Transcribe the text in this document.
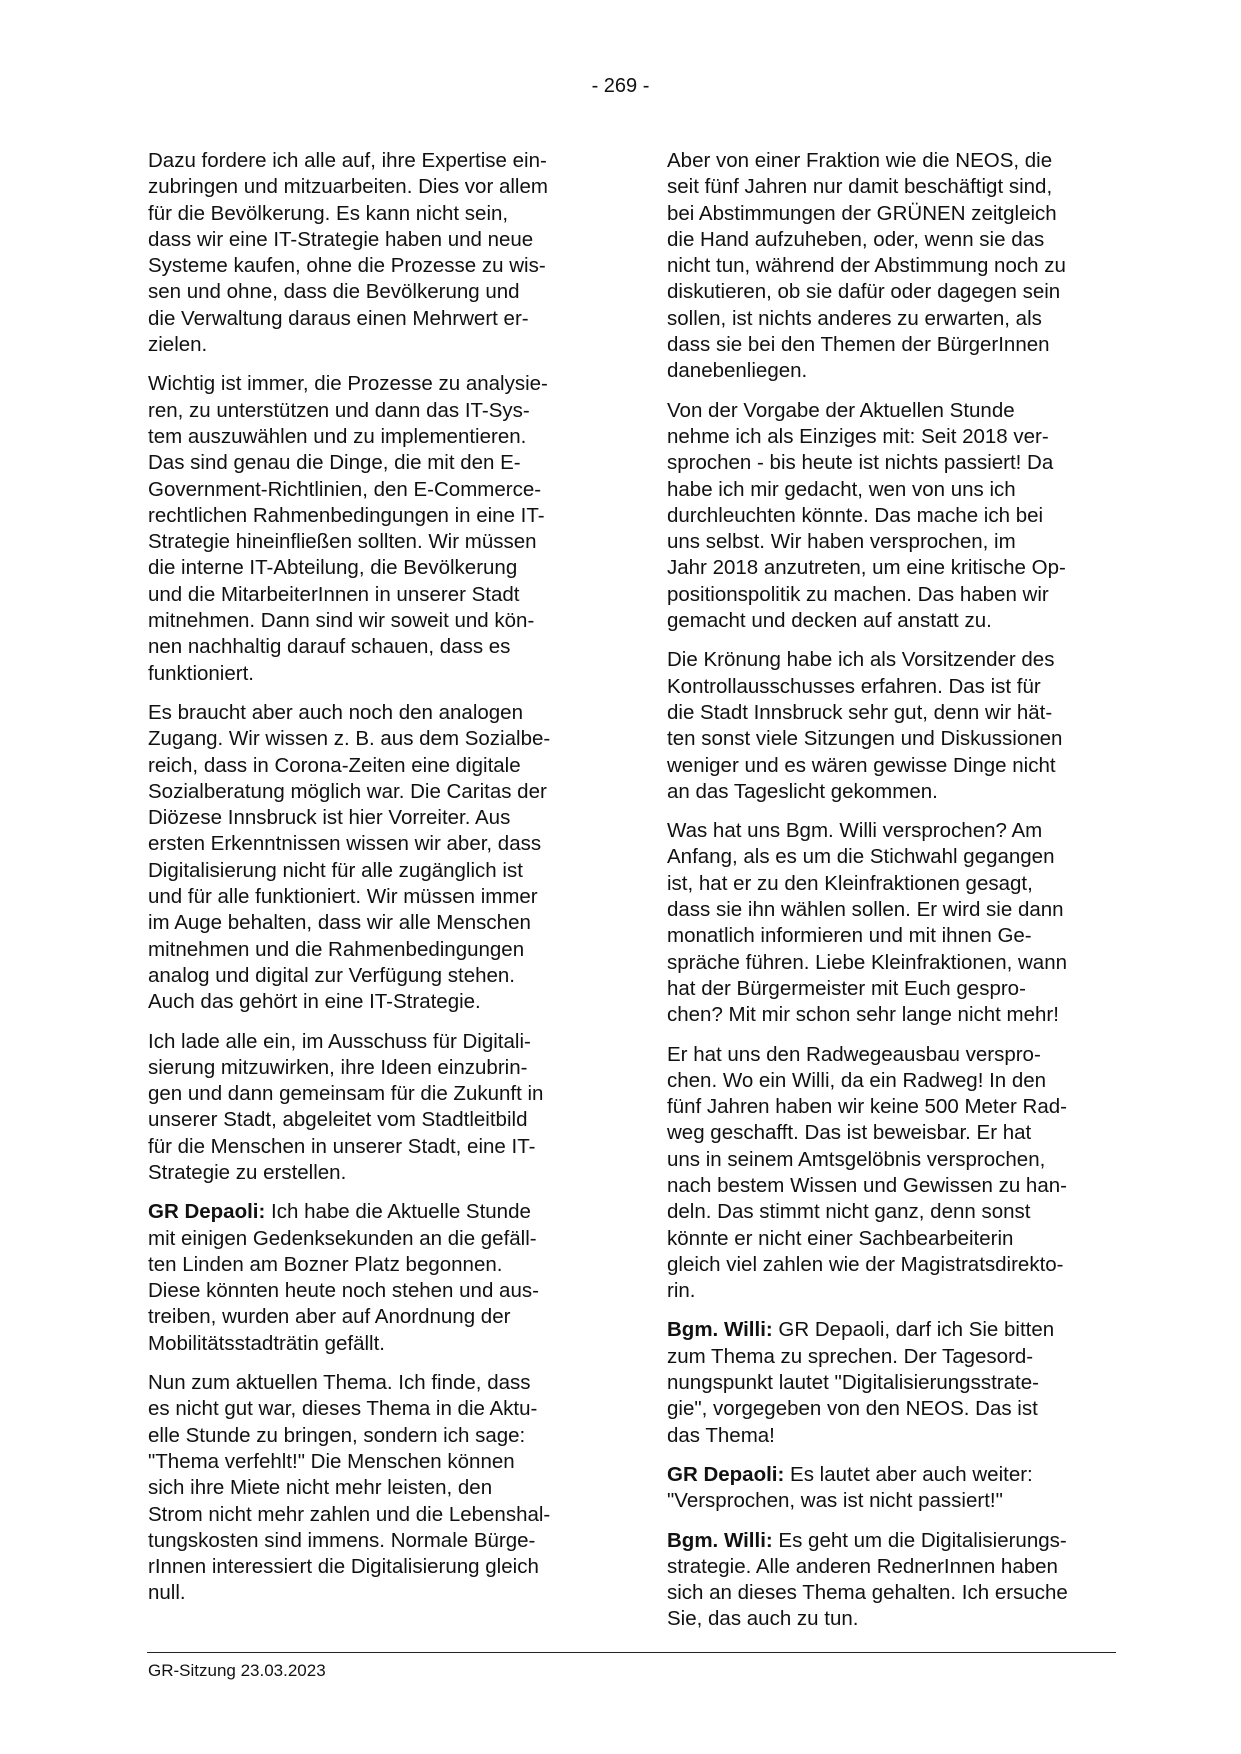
- 269 -

Dazu fordere ich alle auf, ihre Expertise ein-
zubringen und mitzuarbeiten. Dies vor allem
für die Bevölkerung. Es kann nicht sein,
dass wir eine IT-Strategie haben und neue
Systeme kaufen, ohne die Prozesse zu wis-
sen und ohne, dass die Bevölkerung und
die Verwaltung daraus einen Mehrwert er-
zielen.

Wichtig ist immer, die Prozesse zu analysie-
ren, zu unterstützen und dann das IT-Sys-
tem auszuwählen und zu implementieren.
Das sind genau die Dinge, die mit den E-
Government-Richtlinien, den E-Commerce-
rechtlichen Rahmenbedingungen in eine IT-
Strategie hineinfließen sollten. Wir müssen
die interne IT-Abteilung, die Bevölkerung
und die MitarbeiterInnen in unserer Stadt
mitnehmen. Dann sind wir soweit und kön-
nen nachhaltig darauf schauen, dass es
funktioniert.

Es braucht aber auch noch den analogen
Zugang. Wir wissen z. B. aus dem Sozialbe-
reich, dass in Corona-Zeiten eine digitale
Sozialberatung möglich war. Die Caritas der
Diözese Innsbruck ist hier Vorreiter. Aus
ersten Erkenntnissen wissen wir aber, dass
Digitalisierung nicht für alle zugänglich ist
und für alle funktioniert. Wir müssen immer
im Auge behalten, dass wir alle Menschen
mitnehmen und die Rahmenbedingungen
analog und digital zur Verfügung stehen.
Auch das gehört in eine IT-Strategie.

Ich lade alle ein, im Ausschuss für Digitali-
sierung mitzuwirken, ihre Ideen einzubrin-
gen und dann gemeinsam für die Zukunft in
unserer Stadt, abgeleitet vom Stadtleitbild
für die Menschen in unserer Stadt, eine IT-
Strategie zu erstellen.

GR Depaoli: Ich habe die Aktuelle Stunde
mit einigen Gedenksekunden an die gefäll-
ten Linden am Bozner Platz begonnen.
Diese könnten heute noch stehen und aus-
treiben, wurden aber auf Anordnung der
Mobilitätsstadträtin gefällt.

Nun zum aktuellen Thema. Ich finde, dass
es nicht gut war, dieses Thema in die Aktu-
elle Stunde zu bringen, sondern ich sage:
"Thema verfehlt!" Die Menschen können
sich ihre Miete nicht mehr leisten, den
Strom nicht mehr zahlen und die Lebenshal-
tungskosten sind immens. Normale Bürge-
rInnen interessiert die Digitalisierung gleich
null.

Aber von einer Fraktion wie die NEOS, die
seit fünf Jahren nur damit beschäftigt sind,
bei Abstimmungen der GRÜNEN zeitgleich
die Hand aufzuheben, oder, wenn sie das
nicht tun, während der Abstimmung noch zu
diskutieren, ob sie dafür oder dagegen sein
sollen, ist nichts anderes zu erwarten, als
dass sie bei den Themen der BürgerInnen
danebenliegen.

Von der Vorgabe der Aktuellen Stunde
nehme ich als Einziges mit: Seit 2018 ver-
sprochen - bis heute ist nichts passiert! Da
habe ich mir gedacht, wen von uns ich
durchleuchten könnte. Das mache ich bei
uns selbst. Wir haben versprochen, im
Jahr 2018 anzutreten, um eine kritische Op-
positionspolitik zu machen. Das haben wir
gemacht und decken auf anstatt zu.

Die Krönung habe ich als Vorsitzender des
Kontrollausschusses erfahren. Das ist für
die Stadt Innsbruck sehr gut, denn wir hät-
ten sonst viele Sitzungen und Diskussionen
weniger und es wären gewisse Dinge nicht
an das Tageslicht gekommen.

Was hat uns Bgm. Willi versprochen? Am
Anfang, als es um die Stichwahl gegangen
ist, hat er zu den Kleinfraktionen gesagt,
dass sie ihn wählen sollen. Er wird sie dann
monatlich informieren und mit ihnen Ge-
spräche führen. Liebe Kleinfraktionen, wann
hat der Bürgermeister mit Euch gespro-
chen? Mit mir schon sehr lange nicht mehr!

Er hat uns den Radwegeausbau verspro-
chen. Wo ein Willi, da ein Radweg! In den
fünf Jahren haben wir keine 500 Meter Rad-
weg geschafft. Das ist beweisbar. Er hat
uns in seinem Amtsgelöbnis versprochen,
nach bestem Wissen und Gewissen zu han-
deln. Das stimmt nicht ganz, denn sonst
könnte er nicht einer Sachbearbeiterin
gleich viel zahlen wie der Magistratsdirekto-
rin.

Bgm. Willi: GR Depaoli, darf ich Sie bitten
zum Thema zu sprechen. Der Tagesord-
nungspunkt lautet "Digitalisierungsstrate-
gie", vorgegeben von den NEOS. Das ist
das Thema!

GR Depaoli: Es lautet aber auch weiter:
"Versprochen, was ist nicht passiert!"

Bgm. Willi: Es geht um die Digitalisierungs-
strategie. Alle anderen RednerInnen haben
sich an dieses Thema gehalten. Ich ersuche
Sie, das auch zu tun.

GR-Sitzung 23.03.2023
